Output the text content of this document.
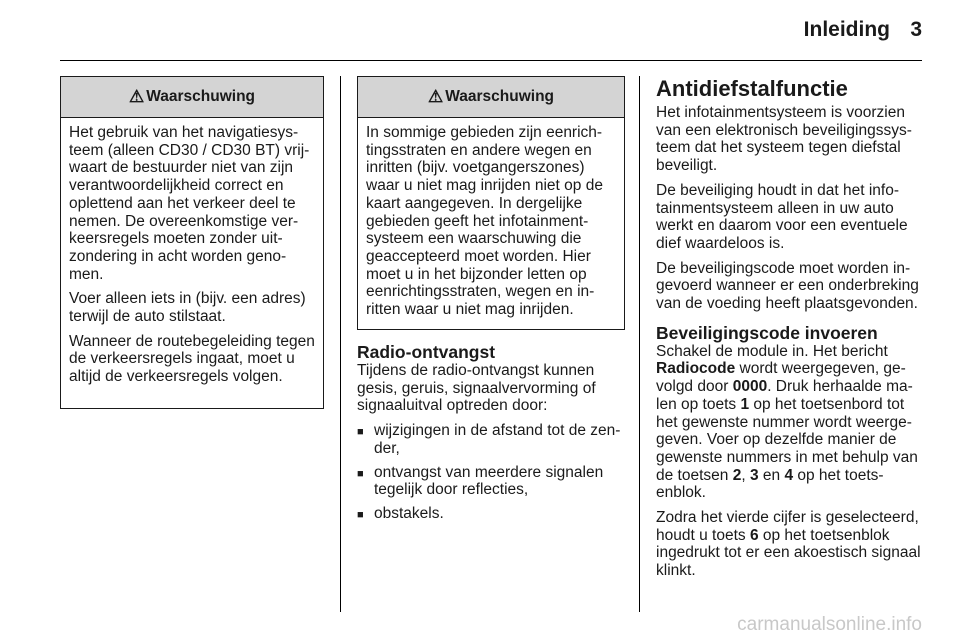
Inleiding 3
⚠ Waarschuwing

Het gebruik van het navigatiesysteem (alleen CD30 / CD30 BT) vrijwaart de bestuurder niet van zijn verantwoordelijkheid correct en oplettend aan het verkeer deel te nemen. De overeenkomstige verkeersregels moeten zonder uitzondering in acht worden genomen.

Voer alleen iets in (bijv. een adres) terwijl de auto stilstaat.

Wanneer de routebegeleiding tegen de verkeersregels ingaat, moet u altijd de verkeersregels volgen.

⚠ Waarschuwing

In sommige gebieden zijn eenrichtingsstraten en andere wegen en inritten (bijv. voetgangerszones) waar u niet mag inrijden niet op de kaart aangegeven. In dergelijke gebieden geeft het infotainmentsysteem een waarschuwing die geaccepteerd moet worden. Hier moet u in het bijzonder letten op eenrichtingsstraten, wegen en inritten waar u niet mag inrijden.

Radio-ontvangst

Tijdens de radio-ontvangst kunnen gesis, geruis, signaalvervorming of signaaluitval optreden door:

■ wijzigingen in de afstand tot de zender,
■ ontvangst van meerdere signalen tegelijk door reflecties,
■ obstakels.
Antidiefstalfunctie

Het infotainmentsysteem is voorzien van een elektronisch beveiligingssysteem dat het systeem tegen diefstal beveiligt.

De beveiliging houdt in dat het infotainmentsysteem alleen in uw auto werkt en daarom voor een eventuele dief waardeloos is.

De beveiligingscode moet worden ingevoerd wanneer er een onderbreking van de voeding heeft plaatsgevonden.

Beveiligingscode invoeren

Schakel de module in. Het bericht Radiocode wordt weergegeven, gevolgd door 0000. Druk herhaalde malen op toets 1 op het toetsenbord tot het gewenste nummer wordt weergegeven. Voer op dezelfde manier de gewenste nummers in met behulp van de toetsen 2, 3 en 4 op het toetsenblok.

Zodra het vierde cijfer is geselecteerd, houdt u toets 6 op het toetsenblok ingedrukt tot er een akoestisch signaal klinkt.

carmanualsonline.info
